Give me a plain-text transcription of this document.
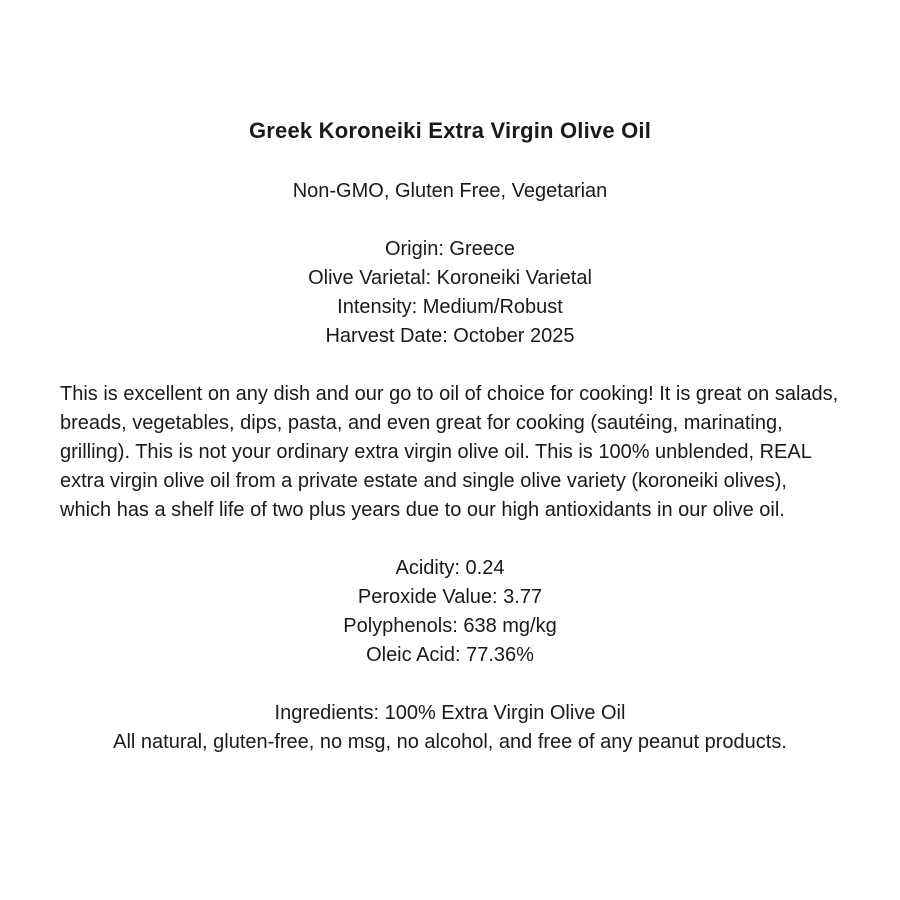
Greek Koroneiki Extra Virgin Olive Oil
Non-GMO, Gluten Free, Vegetarian
Origin: Greece
Olive Varietal: Koroneiki Varietal
Intensity: Medium/Robust
Harvest Date: October 2025

This is excellent on any dish and our go to oil of choice for cooking! It is great on salads, breads, vegetables, dips, pasta, and even great for cooking (sautéing, marinating, grilling). This is not your ordinary extra virgin olive oil. This is 100% unblended, REAL extra virgin olive oil from a private estate and single olive variety (koroneiki olives), which has a shelf life of two plus years due to our high antioxidants in our olive oil.

Acidity: 0.24
Peroxide Value: 3.77
Polyphenols: 638 mg/kg
Oleic Acid: 77.36%
Ingredients: 100% Extra Virgin Olive Oil
All natural, gluten-free, no msg, no alcohol, and free of any peanut products.
